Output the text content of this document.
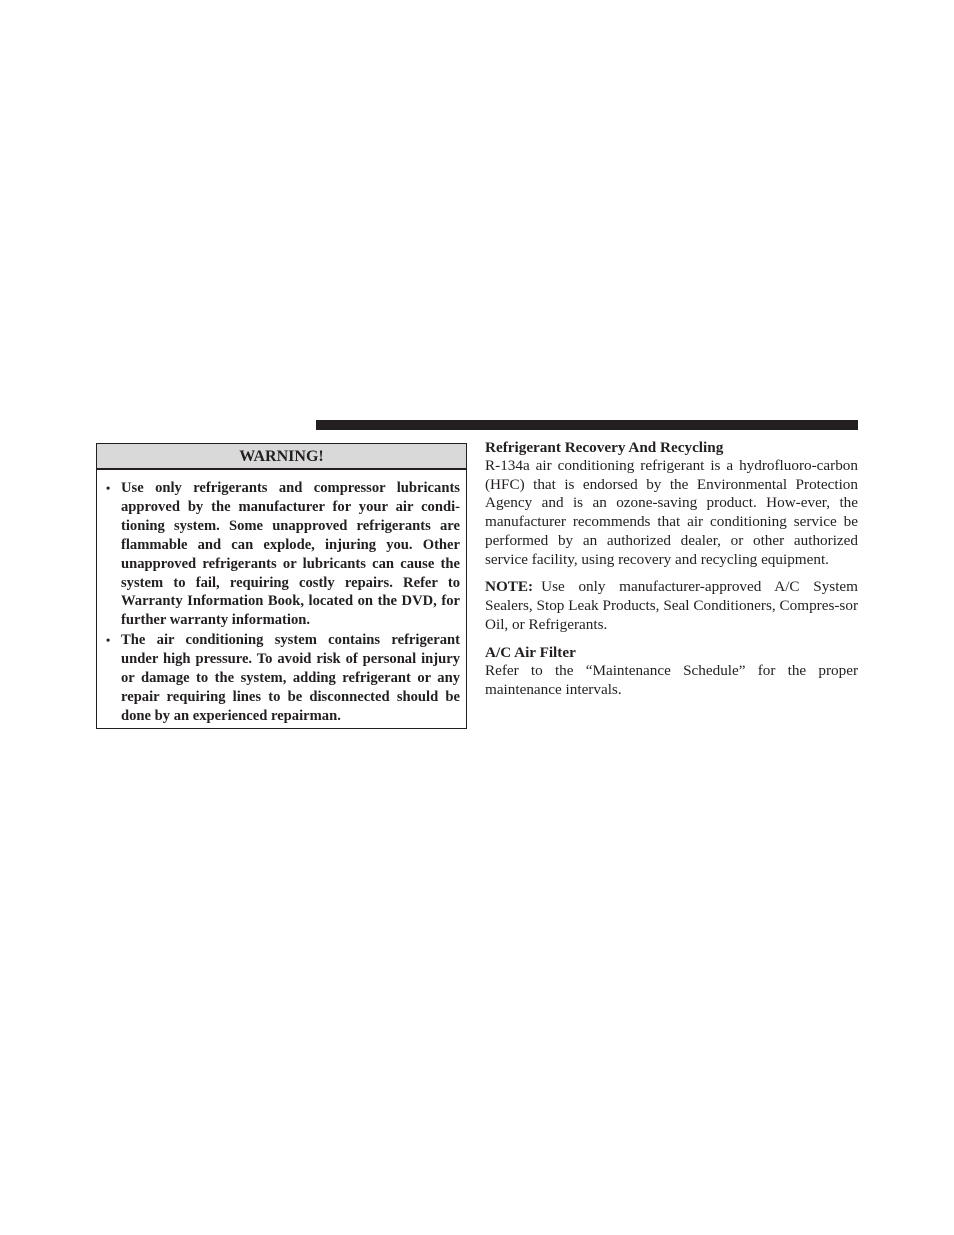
WARNING!
• Use only refrigerants and compressor lubricants approved by the manufacturer for your air condi-tioning system. Some unapproved refrigerants are flammable and can explode, injuring you. Other unapproved refrigerants or lubricants can cause the system to fail, requiring costly repairs. Refer to Warranty Information Book, located on the DVD, for further warranty information.
• The air conditioning system contains refrigerant under high pressure. To avoid risk of personal injury or damage to the system, adding refrigerant or any repair requiring lines to be disconnected should be done by an experienced repairman.
Refrigerant Recovery And Recycling

R-134a air conditioning refrigerant is a hydrofluoro-carbon (HFC) that is endorsed by the Environmental Protection Agency and is an ozone-saving product. How-ever, the manufacturer recommends that air conditioning service be performed by an authorized dealer, or other authorized service facility, using recovery and recycling equipment.

NOTE: Use only manufacturer-approved A/C System Sealers, Stop Leak Products, Seal Conditioners, Compres-sor Oil, or Refrigerants.

A/C Air Filter

Refer to the “Maintenance Schedule” for the proper maintenance intervals.
